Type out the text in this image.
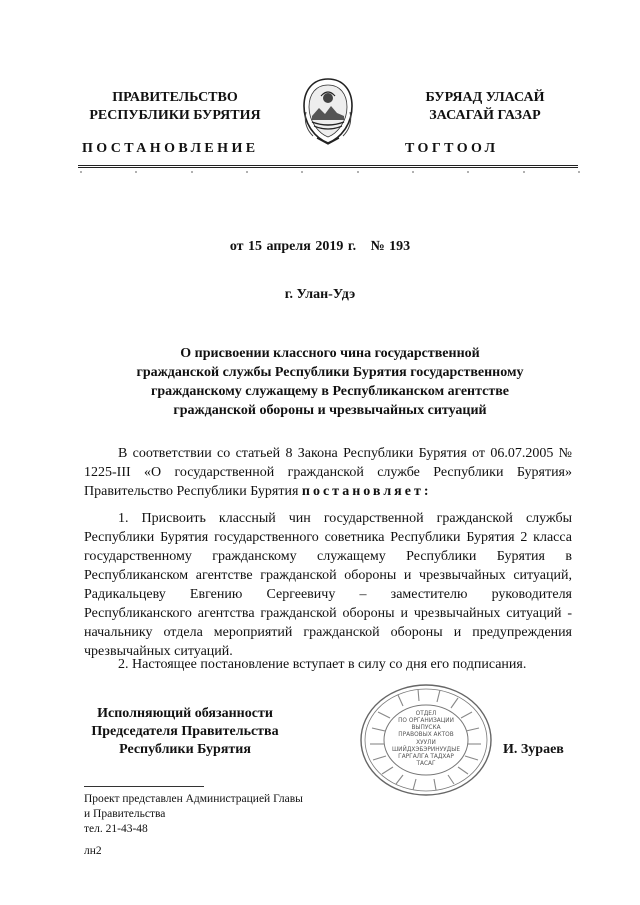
ПРАВИТЕЛЬСТВО
РЕСПУБЛИКИ БУРЯТИЯ
БУРЯАД УЛАСАЙ
ЗАСАГАЙ ГАЗАР
ПОСТАНОВЛЕНИЕ	ТОГТООЛ
от 15 апреля 2019 г. № 193
г. Улан-Удэ
О присвоении классного чина государственной
гражданской службы Республики Бурятия государственному
гражданскому служащему в Республиканском агентстве
гражданской обороны и чрезвычайных ситуаций
В соответствии со статьей 8 Закона Республики Бурятия от 06.07.2005 № 1225-III «О государственной гражданской службе Республики Бурятия» Правительство Республики Бурятия постановляет:
1. Присвоить классный чин государственной гражданской службы Республики Бурятия государственного советника Республики Бурятия 2 класса государственному гражданскому служащему Республики Бурятия в Республиканском агентстве гражданской обороны и чрезвычайных ситуаций, Радикальцеву Евгению Сергеевичу – заместителю руководителя Республиканского агентства гражданской обороны и чрезвычайных ситуаций - начальнику отдела мероприятий гражданской обороны и предупреждения чрезвычайных ситуаций.
2. Настоящее постановление вступает в силу со дня его подписания.
Исполняющий обязанности
Председателя Правительства
Республики Бурятия
ОТДЕЛ
ПО ОРГАНИЗАЦИИ
ВЫПУСКА
ПРАВОВЫХ АКТОВ
ХУУЛИ
ШИЙДХЭБЭРИНУУДЫЕ
ГАРГАЛГА ТАДХАР
ТАСАГ
И. Зураев
Проект представлен Администрацией Главы
и Правительства
тел. 21-43-48
лн2
